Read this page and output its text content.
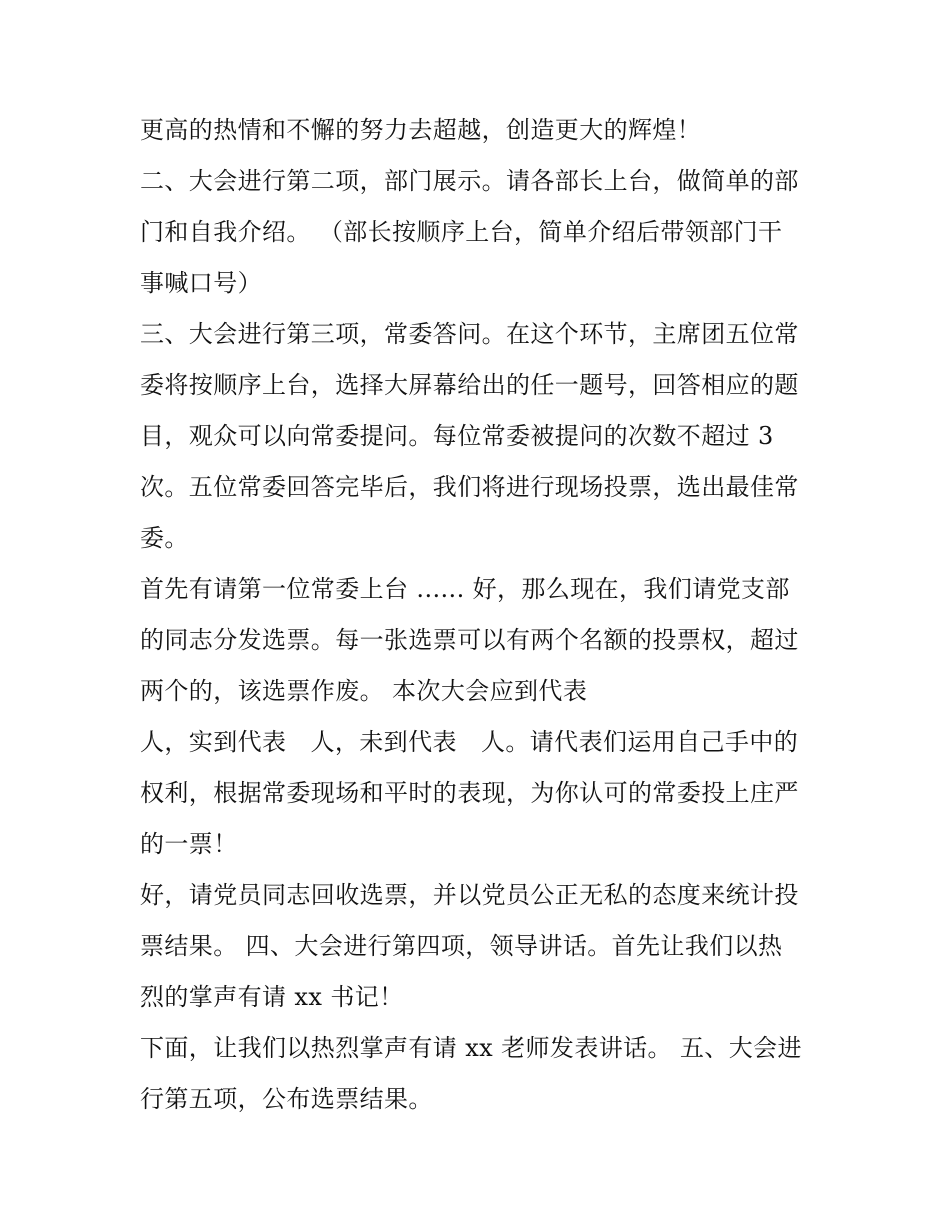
更高的热情和不懈的努力去超越，创造更大的辉煌！
二、大会进行第二项，部门展示。请各部长上台，做简单的部
门和自我介绍。 （部长按顺序上台，简单介绍后带领部门干
事喊口号）
三、大会进行第三项，常委答问。在这个环节，主席团五位常
委将按顺序上台，选择大屏幕给出的任一题号，回答相应的题
目，观众可以向常委提问。每位常委被提问的次数不超过 3
次。五位常委回答完毕后，我们将进行现场投票，选出最佳常
委。
首先有请第一位常委上台 ...... 好，那么现在，我们请党支部
的同志分发选票。每一张选票可以有两个名额的投票权，超过
两个的，该选票作废。 本次大会应到代表
人，实到代表   人，未到代表   人。请代表们运用自己手中的
权利，根据常委现场和平时的表现，为你认可的常委投上庄严
的一票！
好，请党员同志回收选票，并以党员公正无私的态度来统计投
票结果。 四、大会进行第四项，领导讲话。首先让我们以热
烈的掌声有请 xx 书记！
下面，让我们以热烈掌声有请 xx 老师发表讲话。 五、大会进
行第五项，公布选票结果。
